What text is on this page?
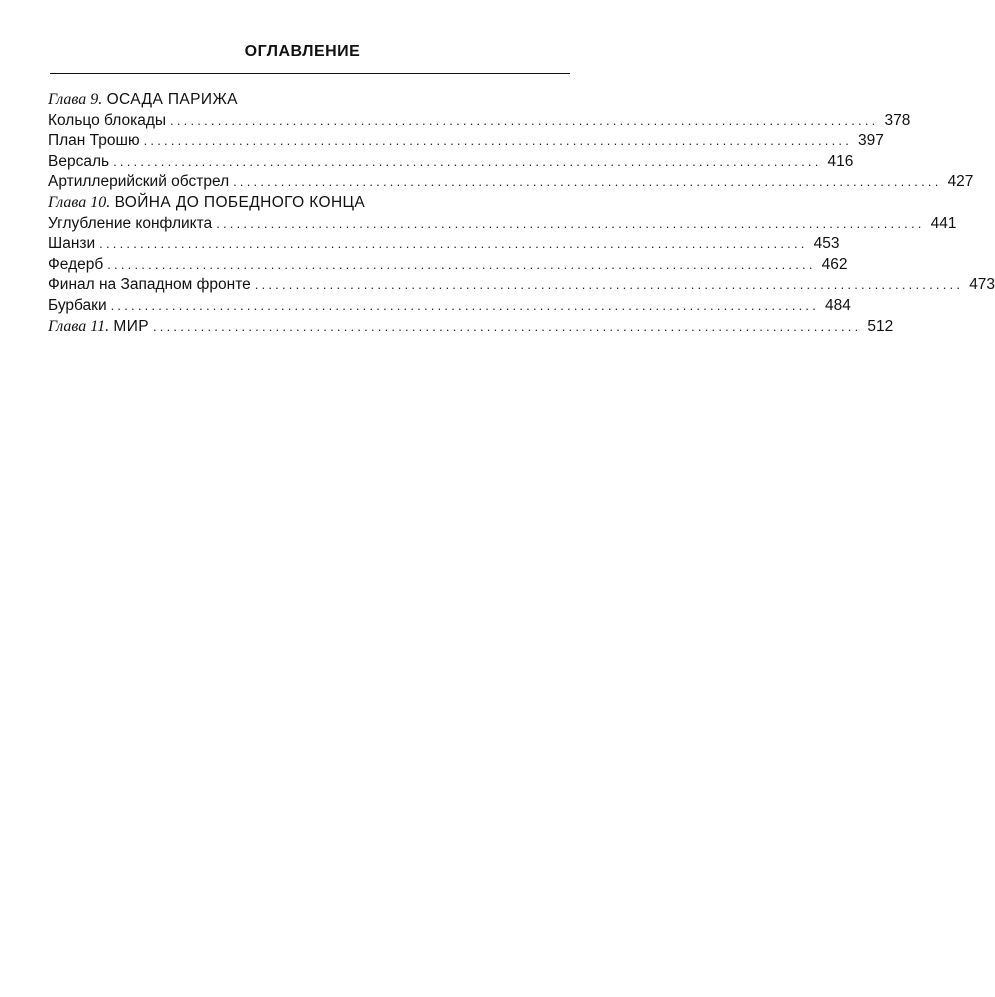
ОГЛАВЛЕНИЕ
Глава 9. ОСАДА ПАРИЖА
Кольцо блокады ........................................................................................................ 378
План Трошю ........................................................................................................ 397
Версаль ........................................................................................................ 416
Артиллерийский обстрел ........................................................................................................ 427
Глава 10. ВОЙНА ДО ПОБЕДНОГО КОНЦА
Углубление конфликта ........................................................................................................ 441
Шанзи ........................................................................................................ 453
Федерб ........................................................................................................ 462
Финал на Западном фронте ........................................................................................................ 473
Бурбаки ........................................................................................................ 484
Глава 11. МИР ........................................................................................................ 512
